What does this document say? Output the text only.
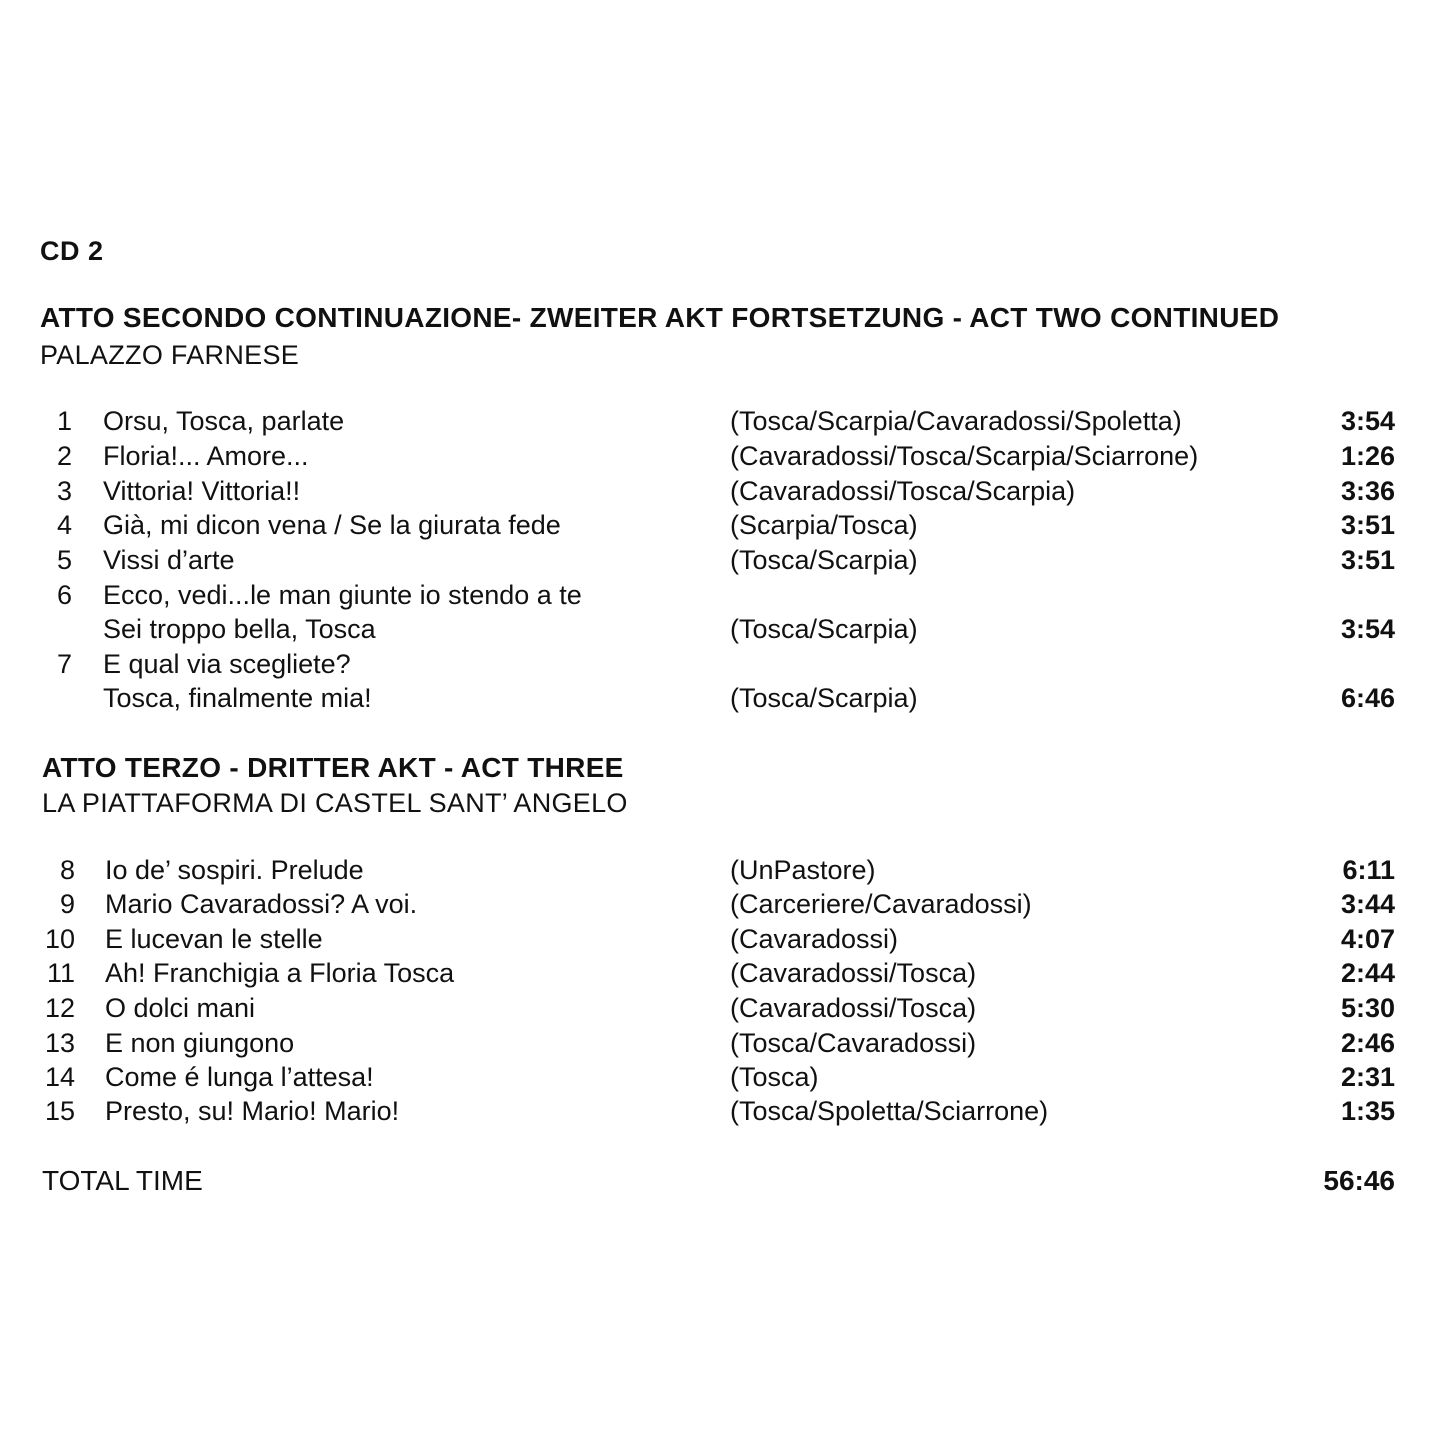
CD 2
ATTO SECONDO CONTINUAZIONE- ZWEITER AKT FORTSETZUNG - ACT TWO CONTINUED
PALAZZO FARNESE
1 Orsu, Tosca, parlate	(Tosca/Scarpia/Cavaradossi/Spoletta)	3:54
2 Floria!... Amore...	(Cavaradossi/Tosca/Scarpia/Sciarrone)	1:26
3 Vittoria! Vittoria!!	(Cavaradossi/Tosca/Scarpia)	3:36
4 Già, mi dicon vena / Se la giurata fede	(Scarpia/Tosca)	3:51
5 Vissi d’arte	(Tosca/Scarpia)	3:51
6 Ecco, vedi...le man giunte io stendo a te
Sei troppo bella, Tosca	(Tosca/Scarpia)	3:54
7 E qual via scegliete?
Tosca, finalmente mia!	(Tosca/Scarpia)	6:46
ATTO TERZO - DRITTER AKT - ACT THREE
LA PIATTAFORMA DI CASTEL SANT’ ANGELO
8 Io de’ sospiri. Prelude	(UnPastore)	6:11
9 Mario Cavaradossi? A voi.	(Carceriere/Cavaradossi)	3:44
10 E lucevan le stelle	(Cavaradossi)	4:07
11 Ah! Franchigia a Floria Tosca	(Cavaradossi/Tosca)	2:44
12 O dolci mani	(Cavaradossi/Tosca)	5:30
13 E non giungono	(Tosca/Cavaradossi)	2:46
14 Come é lunga l’attesa!	(Tosca)	2:31
15 Presto, su! Mario! Mario!	(Tosca/Spoletta/Sciarrone)	1:35
TOTAL TIME	56:46
